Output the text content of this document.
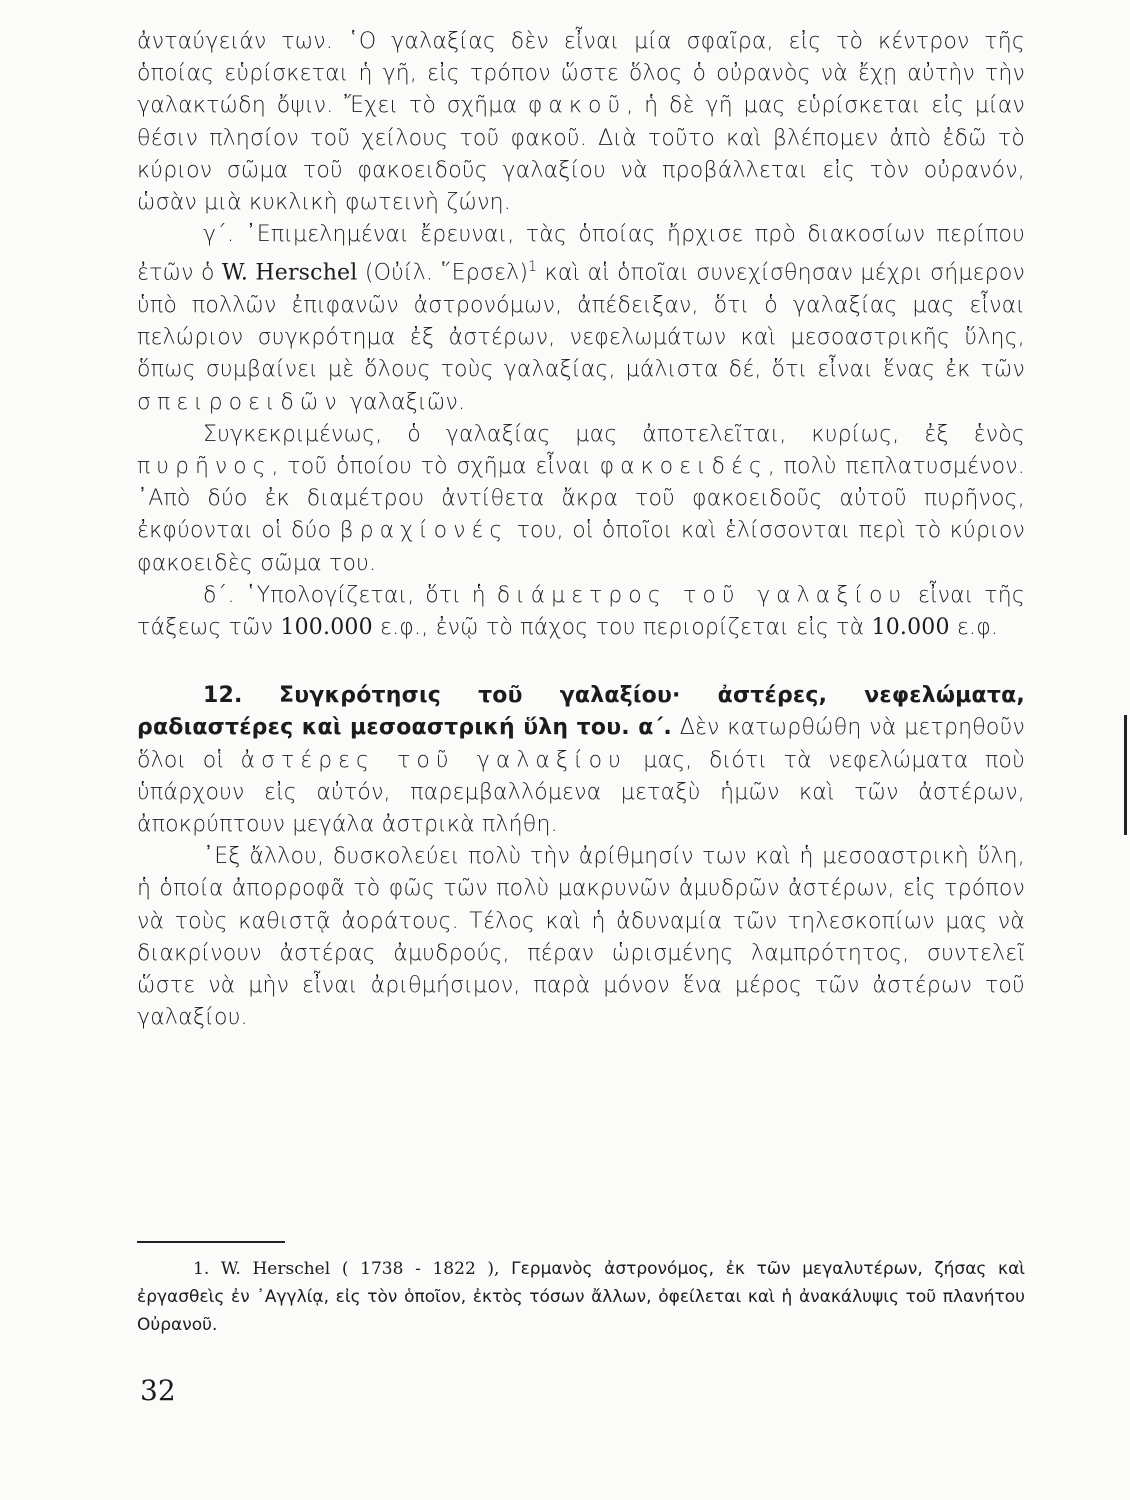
ἀνταύγειάν των. ῾Ο γαλαξίας δὲν εἶναι μία σφαῖρα, εἰς τὸ κέντρον τῆς ὁποίας εὑρίσκεται ἡ γῆ, εἰς τρόπον ὥστε ὅλος ὁ οὐρανὸς νὰ ἔχῃ αὐτὴν τὴν γαλακτώδη ὄψιν. Ἔχει τὸ σχῆμα φακοῦ, ἡ δὲ γῆ μας εὑρίσκεται εἰς μίαν θέσιν πλησίον τοῦ χείλους τοῦ φακοῦ. Διὰ τοῦτο καὶ βλέπομεν ἀπὸ ἐδῶ τὸ κύριον σῶμα τοῦ φακοειδοῦς γαλαξίου νὰ προβάλλεται εἰς τὸν οὐρανόν, ὡσὰν μιὰ κυκλικὴ φωτεινὴ ζώνη.

γ΄. ᾿Επιμελημέναι ἔρευναι, τὰς ὁποίας ἤρχισε πρὸ διακοσίων περίπου ἐτῶν ὁ W. Herschel (Οὐίλ. ῞Ερσελ)$^1$ καὶ αἱ ὁποῖαι συνεχίσθησαν μέχρι σήμερον ὑπὸ πολλῶν ἐπιφανῶν ἀστρονόμων, ἀπέδειξαν, ὅτι ὁ γαλαξίας μας εἶναι πελώριον συγκρότημα ἐξ ἀστέρων, νεφελωμάτων καὶ μεσοαστρικῆς ὕλης, ὅπως συμβαίνει μὲ ὅλους τοὺς γαλαξίας, μάλιστα δέ, ὅτι εἶναι ἕνας ἐκ τῶν σπειροειδῶν γαλαξιῶν.

Συγκεκριμένως, ὁ γαλαξίας μας ἀποτελεῖται, κυρίως, ἐξ ἑνὸς πυρῆνος, τοῦ ὁποίου τὸ σχῆμα εἶναι φακοειδές, πολὺ πεπλατυσμένον. ᾿Απὸ δύο ἐκ διαμέτρου ἀντίθετα ἄκρα τοῦ φακοειδοῦς αὐτοῦ πυρῆνος, ἐκφύονται οἱ δύο βραχίονές του, οἱ ὁποῖοι καὶ ἑλίσσονται περὶ τὸ κύριον φακοειδὲς σῶμα του.

δ΄. ῾Υπολογίζεται, ὅτι ἡ διάμετρος τοῦ γαλαξίου εἶναι τῆς τάξεως τῶν 100.000 ε.φ., ἐνῷ τὸ πάχος του περιορίζεται εἰς τὰ 10.000 ε.φ.

12. Συγκρότησις τοῦ γαλαξίου· ἀστέρες, νεφελώματα, ραδιαστέρες καὶ μεσοαστρική ὕλη του. α΄. Δὲν κατωρθώθη νὰ μετρηθοῦν ὅλοι οἱ ἀστέρες τοῦ γαλαξίου μας, διότι τὰ νεφελώματα ποὺ ὑπάρχουν εἰς αὐτόν, παρεμβαλλόμενα μεταξὺ ἡμῶν καὶ τῶν ἀστέρων, ἀποκρύπτουν μεγάλα ἀστρικὰ πλήθη.

᾿Εξ ἄλλου, δυσκολεύει πολὺ τὴν ἀρίθμησίν των καὶ ἡ μεσοαστρικὴ ὕλη, ἡ ὁποία ἀπορροφᾶ τὸ φῶς τῶν πολὺ μακρυνῶν ἀμυδρῶν ἀστέρων, εἰς τρόπον νὰ τοὺς καθιστᾷ ἀοράτους. Τέλος καὶ ἡ ἀδυναμία τῶν τηλεσκοπίων μας νὰ διακρίνουν ἀστέρας ἀμυδρούς, πέραν ὡρισμένης λαμπρότητος, συντελεῖ ὥστε νὰ μὴν εἶναι ἀριθμήσιμον, παρὰ μόνον ἕνα μέρος τῶν ἀστέρων τοῦ γαλαξίου.

1. W. Herschel ( 1738 - 1822 ), Γερμανὸς ἀστρονόμος, ἐκ τῶν μεγαλυτέρων, ζήσας καὶ ἐργασθεὶς ἐν ᾿Αγγλίᾳ, εἰς τὸν ὁποῖον, ἐκτὸς τόσων ἄλλων, ὀφείλεται καὶ ἡ ἀνακάλυψις τοῦ πλανήτου Οὐρανοῦ.

32
